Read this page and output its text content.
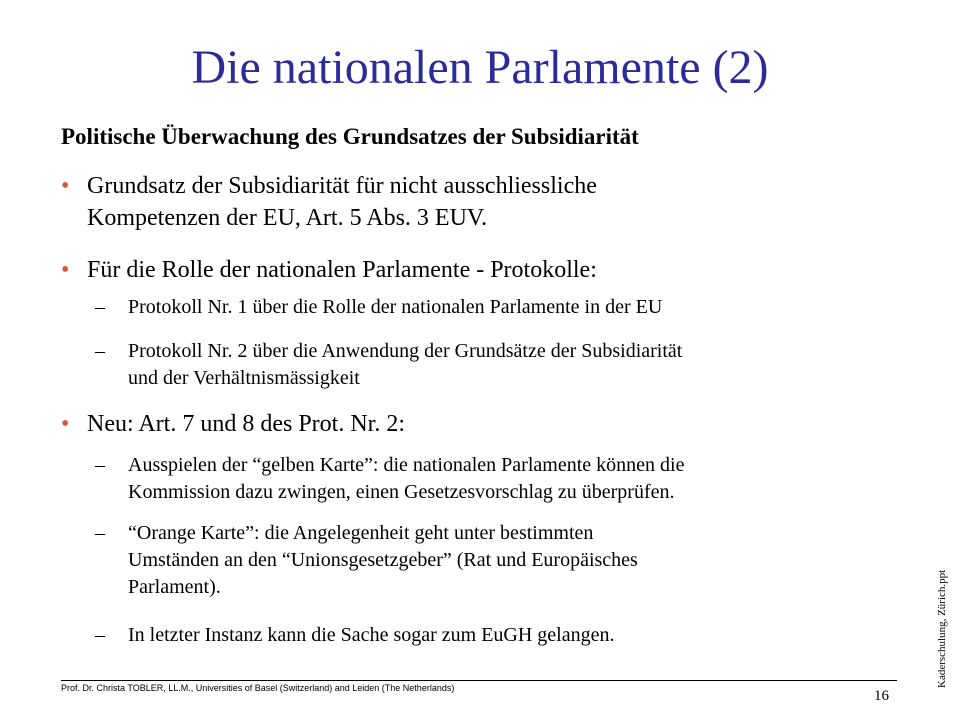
Die nationalen Parlamente (2)
Politische Überwachung des Grundsatzes der Subsidiarität
• Grundsatz der Subsidiarität für nicht ausschliessliche
Kompetenzen der EU, Art. 5 Abs. 3 EUV.
• Für die Rolle der nationalen Parlamente - Protokolle:
– Protokoll Nr. 1 über die Rolle der nationalen Parlamente in der EU
– Protokoll Nr. 2 über die Anwendung der Grundsätze der Subsidiarität
und der Verhältnismässigkeit
• Neu: Art. 7 und 8 des Prot. Nr. 2:
– Ausspielen der “gelben Karte”: die nationalen Parlamente können die
Kommission dazu zwingen, einen Gesetzesvorschlag zu überprüfen.
– “Orange Karte”: die Angelegenheit geht unter bestimmten
Umständen an den “Unionsgesetzgeber” (Rat und Europäisches
Parlament).
– In letzter Instanz kann die Sache sogar zum EuGH gelangen.
Prof. Dr. Christa TOBLER, LL.M., Universities of Basel (Switzerland) and Leiden (The Netherlands)	16
Kaderschulung, Zürich.ppt
